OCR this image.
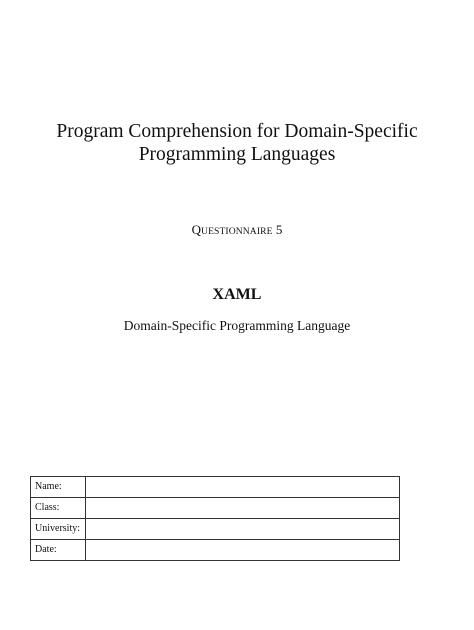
Program Comprehension for Domain-Specific
Programming Languages
QUESTIONNAIRE 5
XAML
Domain-Specific Programming Language
Name:	
Class:	
University:	
Date:	
